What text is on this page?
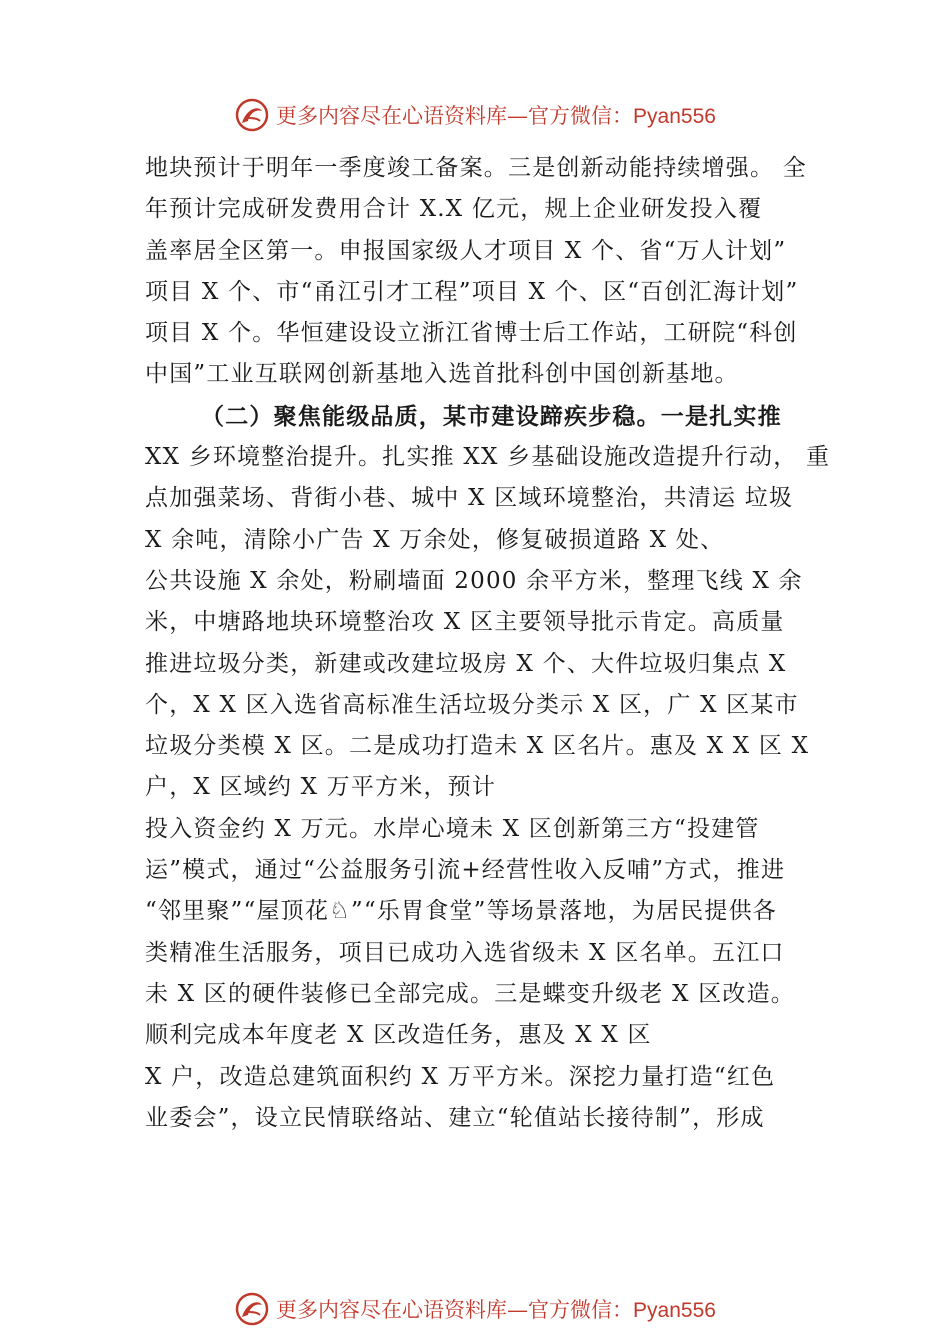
更多内容尽在心语资料库—官方微信：Pyan556
地块预计于明年一季度竣工备案。三是创新动能持续增强。 全
年预计完成研发费用合计 X.X 亿元，规上企业研发投入覆
盖率居全区第一。申报国家级人才项目 X 个、省“万人计划”
项目 X 个、市“甬江引才工程”项目 X 个、区“百创汇海计划”
项目 X 个。华恒建设设立浙江省博士后工作站，工研院“科创
中国”工业互联网创新基地入选首批科创中国创新基地。
（二）聚焦能级品质，某市建设蹄疾步稳。一是扎实推
XX 乡环境整治提升。扎实推 XX 乡基础设施改造提升行动， 重
点加强菜场、背街小巷、城中 X 区域环境整治，共清运 垃圾
X 余吨，清除小广告 X 万余处，修复破损道路 X 处、
公共设施 X 余处，粉刷墙面 2000 余平方米，整理飞线 X 余
米，中塘路地块环境整治攻 X 区主要领导批示肯定。高质量
推进垃圾分类，新建或改建垃圾房 X 个、大件垃圾归集点 X
个，X X 区入选省高标准生活垃圾分类示 X 区，广 X 区某市
垃圾分类模 X 区。二是成功打造未 X 区名片。惠及 X X 区 X
户，X 区域约 X 万平方米，预计
投入资金约 X 万元。水岸心境未 X 区创新第三方“投建管
运”模式，通过“公益服务引流+经营性收入反哺”方式，推进
“邻里聚”“屋顶花♘”“乐胃食堂”等场景落地，为居民提供各
类精准生活服务，项目已成功入选省级未 X 区名单。五江口
未 X 区的硬件装修已全部完成。三是蝶变升级老 X 区改造。
顺利完成本年度老 X 区改造任务，惠及 X X 区
X 户，改造总建筑面积约 X 万平方米。深挖力量打造“红色
业委会”，设立民情联络站、建立“轮值站长接待制”，形成
更多内容尽在心语资料库—官方微信：Pyan556
